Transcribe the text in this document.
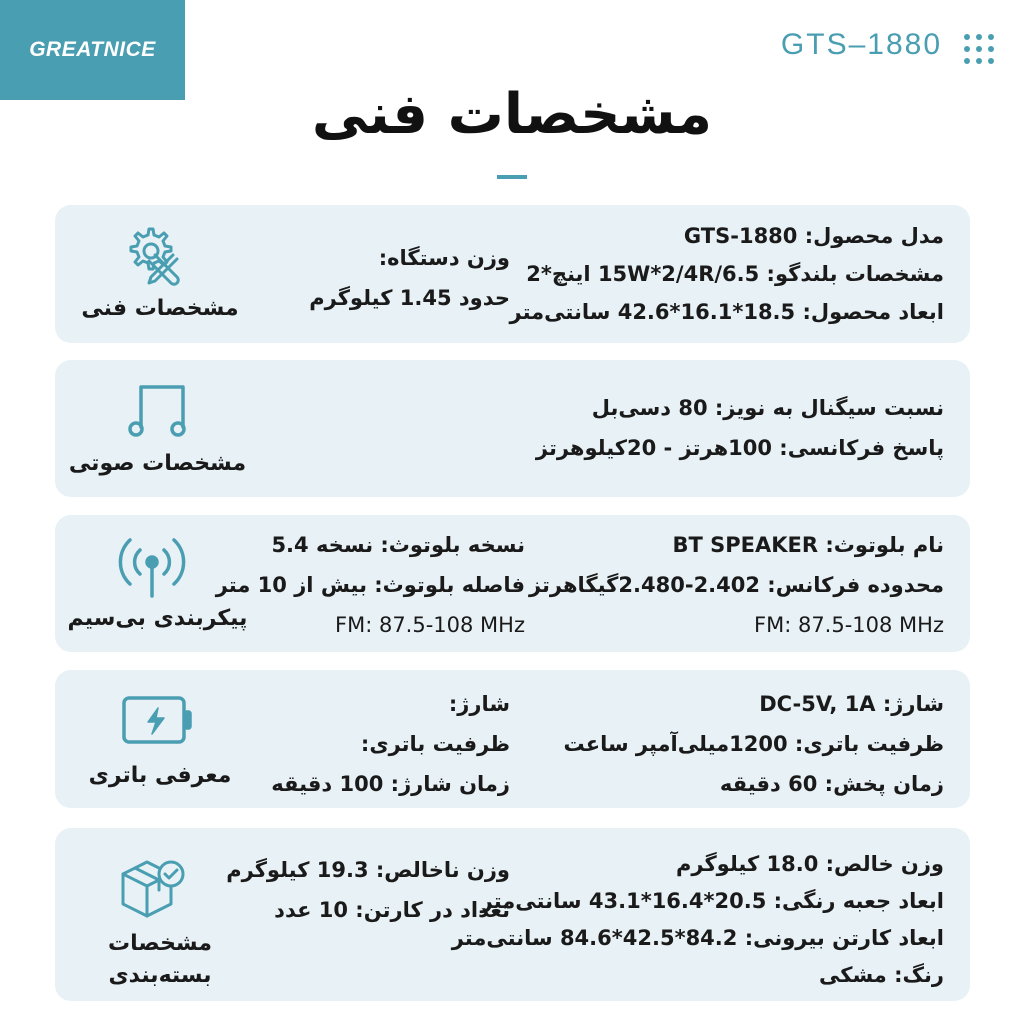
GREATNICE	GTS–1880
مشخصات فنی
مشخصات فنی
وزن دستگاه:
حدود 1.45 کیلوگرم
مدل محصول: GTS-1880
مشخصات بلندگو: 15W*2/4R/6.5 اینچ*2
ابعاد محصول: 18.5*16.1*42.6 سانتی‌متر
مشخصات صوتی
نسبت سیگنال به نویز: 80 دسی‌بل
پاسخ فرکانسی: 100هرتز - 20کیلوهرتز
پیکربندی بی‌سیم
نسخه بلوتوث: نسخه 5.4
فاصله بلوتوث: بیش از 10 متر
FM: 87.5-108 MHz
نام بلوتوث: BT SPEAKER
محدوده فرکانس: 2.402-2.480گیگاهرتز
FM: 87.5-108 MHz
معرفی باتری
شارژ:
ظرفیت باتری:
زمان شارژ: 100 دقیقه
شارژ: DC-5V, 1A
ظرفیت باتری: 1200میلی‌آمپر ساعت
زمان پخش: 60 دقیقه
مشخصات
بسته‌بندی
وزن ناخالص: 19.3 کیلوگرم
تعداد در کارتن: 10 عدد
وزن خالص: 18.0 کیلوگرم
ابعاد جعبه رنگی: 20.5*16.4*43.1 سانتی‌متر
ابعاد کارتن بیرونی: 84.2*42.5*84.6 سانتی‌متر
رنگ: مشکی
